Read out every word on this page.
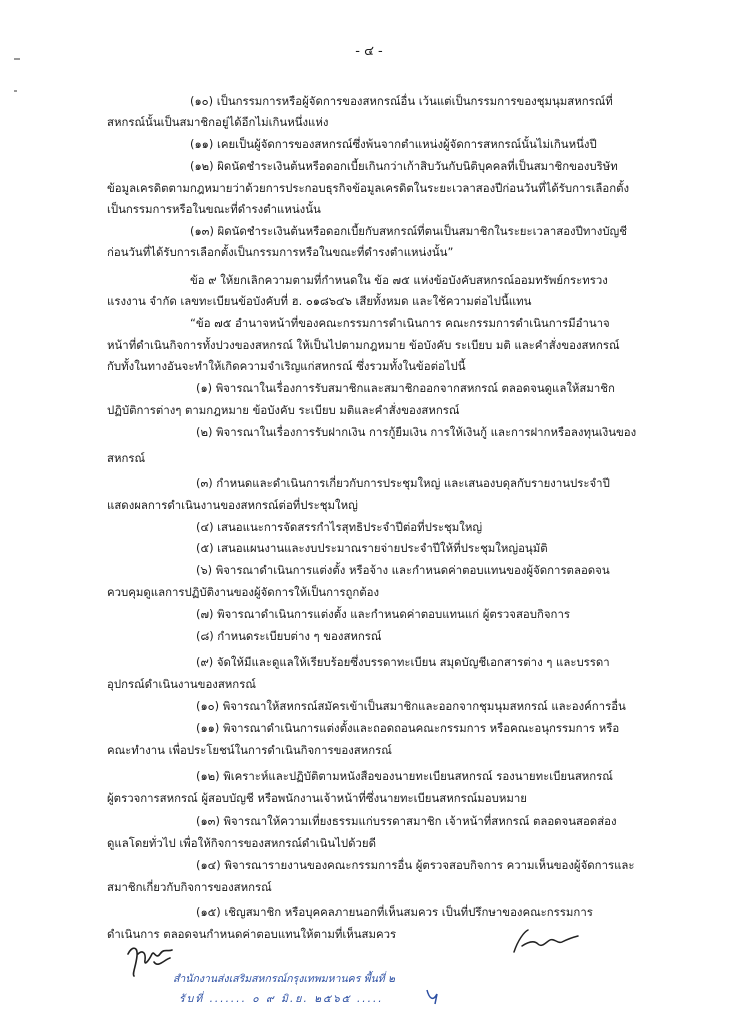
- ๔ -
(๑๐) เป็นกรรมการหรือผู้จัดการของสหกรณ์อื่น เว้นแต่เป็นกรรมการของชุมนุมสหกรณ์ที่
สหกรณ์นั้นเป็นสมาชิกอยู่ได้อีกไม่เกินหนึ่งแห่ง
(๑๑) เคยเป็นผู้จัดการของสหกรณ์ซึ่งพ้นจากตำแหน่งผู้จัดการสหกรณ์นั้นไม่เกินหนึ่งปี
(๑๒) ผิดนัดชำระเงินต้นหรือดอกเบี้ยเกินกว่าเก้าสิบวันกับนิติบุคคลที่เป็นสมาชิกของบริษัท
ข้อมูลเครดิตตามกฎหมายว่าด้วยการประกอบธุรกิจข้อมูลเครดิตในระยะเวลาสองปีก่อนวันที่ได้รับการเลือกตั้ง
เป็นกรรมการหรือในขณะที่ดำรงตำแหน่งนั้น
(๑๓) ผิดนัดชำระเงินต้นหรือดอกเบี้ยกับสหกรณ์ที่ตนเป็นสมาชิกในระยะเวลาสองปีทางบัญชี
ก่อนวันที่ได้รับการเลือกตั้งเป็นกรรมการหรือในขณะที่ดำรงตำแหน่งนั้น”
ข้อ ๙ ให้ยกเลิกความตามที่กำหนดใน ข้อ ๗๕ แห่งข้อบังคับสหกรณ์ออมทรัพย์กระทรวง
แรงงาน จำกัด เลขทะเบียนข้อบังคับที่ ฮ. ๐๑๘๖๔๖ เสียทั้งหมด และใช้ความต่อไปนี้แทน
“ข้อ ๗๕ อำนาจหน้าที่ของคณะกรรมการดำเนินการ คณะกรรมการดำเนินการมีอำนาจ
หน้าที่ดำเนินกิจการทั้งปวงของสหกรณ์ ให้เป็นไปตามกฎหมาย ข้อบังคับ ระเบียบ มติ และคำสั่งของสหกรณ์
กับทั้งในทางอันจะทำให้เกิดความจำเริญแก่สหกรณ์ ซึ่งรวมทั้งในข้อต่อไปนี้
(๑) พิจารณาในเรื่องการรับสมาชิกและสมาชิกออกจากสหกรณ์ ตลอดจนดูแลให้สมาชิก
ปฏิบัติการต่างๆ ตามกฎหมาย ข้อบังคับ ระเบียบ มติและคำสั่งของสหกรณ์
(๒) พิจารณาในเรื่องการรับฝากเงิน การกู้ยืมเงิน การให้เงินกู้ และการฝากหรือลงทุนเงินของ
สหกรณ์
(๓) กำหนดและดำเนินการเกี่ยวกับการประชุมใหญ่ และเสนองบดุลกับรายงานประจำปี
แสดงผลการดำเนินงานของสหกรณ์ต่อที่ประชุมใหญ่
(๔) เสนอแนะการจัดสรรกำไรสุทธิประจำปีต่อที่ประชุมใหญ่
(๕) เสนอแผนงานและงบประมาณรายจ่ายประจำปีให้ที่ประชุมใหญ่อนุมัติ
(๖) พิจารณาดำเนินการแต่งตั้ง หรือจ้าง และกำหนดค่าตอบแทนของผู้จัดการตลอดจน
ควบคุมดูแลการปฏิบัติงานของผู้จัดการให้เป็นการถูกต้อง
(๗) พิจารณาดำเนินการแต่งตั้ง และกำหนดค่าตอบแทนแก่ ผู้ตรวจสอบกิจการ
(๘) กำหนดระเบียบต่าง ๆ ของสหกรณ์
(๙) จัดให้มีและดูแลให้เรียบร้อยซึ่งบรรดาทะเบียน สมุดบัญชีเอกสารต่าง ๆ และบรรดา
อุปกรณ์ดำเนินงานของสหกรณ์
(๑๐) พิจารณาให้สหกรณ์สมัครเข้าเป็นสมาชิกและออกจากชุมนุมสหกรณ์ และองค์การอื่น
(๑๑) พิจารณาดำเนินการแต่งตั้งและถอดถอนคณะกรรมการ หรือคณะอนุกรรมการ หรือ
คณะทำงาน เพื่อประโยชน์ในการดำเนินกิจการของสหกรณ์
(๑๒) พิเคราะห์และปฏิบัติตามหนังสือของนายทะเบียนสหกรณ์ รองนายทะเบียนสหกรณ์
ผู้ตรวจการสหกรณ์ ผู้สอบบัญชี หรือพนักงานเจ้าหน้าที่ซึ่งนายทะเบียนสหกรณ์มอบหมาย
(๑๓) พิจารณาให้ความเที่ยงธรรมแก่บรรดาสมาชิก เจ้าหน้าที่สหกรณ์ ตลอดจนสอดส่อง
ดูแลโดยทั่วไป เพื่อให้กิจการของสหกรณ์ดำเนินไปด้วยดี
(๑๔) พิจารณารายงานของคณะกรรมการอื่น ผู้ตรวจสอบกิจการ ความเห็นของผู้จัดการและ
สมาชิกเกี่ยวกับกิจการของสหกรณ์
(๑๕) เชิญสมาชิก หรือบุคคลภายนอกที่เห็นสมควร เป็นที่ปรึกษาของคณะกรรมการ
ดำเนินการ ตลอดจนกำหนดค่าตอบแทนให้ตามที่เห็นสมควร
สำนักงานส่งเสริมสหกรณ์กรุงเทพมหานคร พื้นที่ ๒
รับที่ ....... ๐ ๙ มิ.ย. ๒๕๖๕ .....
